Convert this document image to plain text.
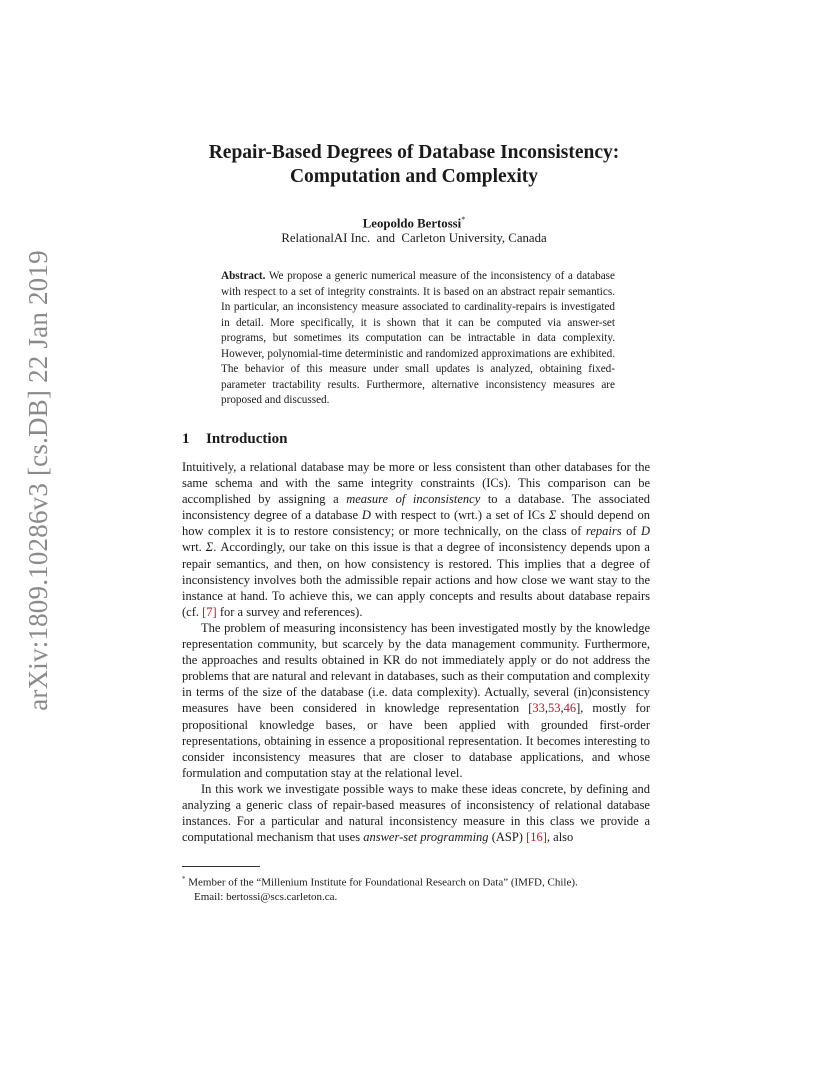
arXiv:1809.10286v3 [cs.DB] 22 Jan 2019
Repair-Based Degrees of Database Inconsistency:
Computation and Complexity
Leopoldo Bertossi*
RelationalAI Inc.  and  Carleton University, Canada
Abstract. We propose a generic numerical measure of the inconsistency of a database with respect to a set of integrity constraints. It is based on an abstract repair semantics. In particular, an inconsistency measure associated to cardinality-repairs is investigated in detail. More specifically, it is shown that it can be computed via answer-set programs, but sometimes its computation can be intractable in data complexity. However, polynomial-time deterministic and randomized approximations are exhibited. The behavior of this measure under small updates is analyzed, obtaining fixed-parameter tractability results. Furthermore, alternative inconsistency measures are proposed and discussed.
1 Introduction

Intuitively, a relational database may be more or less consistent than other databases for the same schema and with the same integrity constraints (ICs). This comparison can be accomplished by assigning a measure of inconsistency to a database. The associated inconsistency degree of a database D with respect to (wrt.) a set of ICs Σ should depend on how complex it is to restore consistency; or more technically, on the class of repairs of D wrt. Σ. Accordingly, our take on this issue is that a degree of inconsistency depends upon a repair semantics, and then, on how consistency is restored. This implies that a degree of inconsistency involves both the admissible repair actions and how close we want stay to the instance at hand. To achieve this, we can apply concepts and results about database repairs (cf. [7] for a survey and references).

The problem of measuring inconsistency has been investigated mostly by the knowledge representation community, but scarcely by the data management community. Furthermore, the approaches and results obtained in KR do not immediately apply or do not address the problems that are natural and relevant in databases, such as their computation and complexity in terms of the size of the database (i.e. data complexity). Actually, several (in)consistency measures have been considered in knowledge representation [33,53,46], mostly for propositional knowledge bases, or have been applied with grounded first-order representations, obtaining in essence a propositional representation. It becomes interesting to consider inconsistency measures that are closer to database applications, and whose formulation and computation stay at the relational level.

In this work we investigate possible ways to make these ideas concrete, by defining and analyzing a generic class of repair-based measures of inconsistency of relational database instances. For a particular and natural inconsistency measure in this class we provide a computational mechanism that uses answer-set programming (ASP) [16], also

* Member of the “Millenium Institute for Foundational Research on Data” (IMFD, Chile).
Email: bertossi@scs.carleton.ca.
